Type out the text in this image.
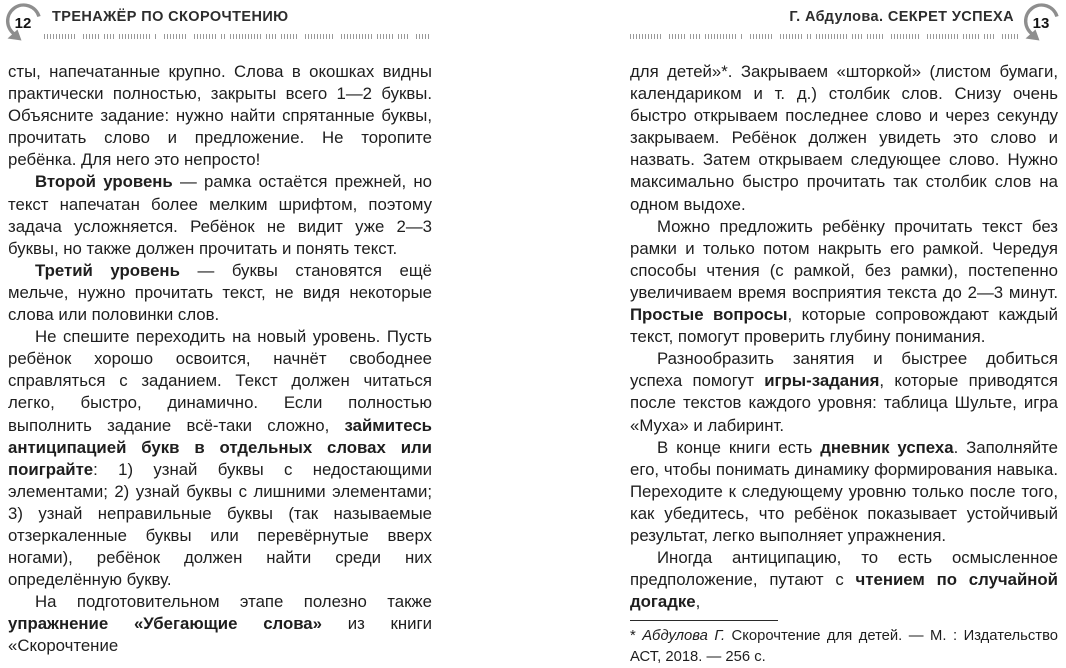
12	ТРЕНАЖЁР ПО СКОРОЧТЕНИЮ

сты, напечатанные крупно. Слова в окошках видны практически полностью, закрыты всего 1—2 буквы. Объясните задание: нужно найти спрятанные буквы, прочитать слово и предложение. Не торопите ребёнка. Для него это непросто!

Второй уровень — рамка остаётся прежней, но текст напечатан более мелким шрифтом, поэтому задача усложняется. Ребёнок не видит уже 2—3 буквы, но также должен прочитать и понять текст.

Третий уровень — буквы становятся ещё мельче, нужно прочитать текст, не видя некоторые слова или половинки слов.

Не спешите переходить на новый уровень. Пусть ребёнок хорошо освоится, начнёт свободнее справляться с заданием. Текст должен читаться легко, быстро, динамично. Если полностью выполнить задание всё-таки сложно, займитесь антиципацией букв в отдельных словах или поиграйте: 1) узнай буквы с недостающими элементами; 2) узнай буквы с лишними элементами; 3) узнай неправильные буквы (так называемые отзеркаленные буквы или перевёрнутые вверх ногами), ребёнок должен найти среди них определённую букву.

На подготовительном этапе полезно также упражнение «Убегающие слова» из книги «Скорочтение

13
Г. Абдулова. СЕКРЕТ УСПЕХА

для детей»*. Закрываем «шторкой» (листом бумаги, календариком и т. д.) столбик слов. Снизу очень быстро открываем последнее слово и через секунду закрываем. Ребёнок должен увидеть это слово и назвать. Затем открываем следующее слово. Нужно максимально быстро прочитать так столбик слов на одном выдохе.

Можно предложить ребёнку прочитать текст без рамки и только потом накрыть его рамкой. Чередуя способы чтения (с рамкой, без рамки), постепенно увеличиваем время восприятия текста до 2—3 минут. Простые вопросы, которые сопровождают каждый текст, помогут проверить глубину понимания.

Разнообразить занятия и быстрее добиться успеха помогут игры-задания, которые приводятся после текстов каждого уровня: таблица Шульте, игра «Муха» и лабиринт.

В конце книги есть дневник успеха. Заполняйте его, чтобы понимать динамику формирования навыка. Переходите к следующему уровню только после того, как убедитесь, что ребёнок показывает устойчивый результат, легко выполняет упражнения.

Иногда антиципацию, то есть осмысленное предположение, путают с чтением по случайной догадке,

* Абдулова Г. Скорочтение для детей. — М. : Издательство АСТ, 2018. — 256 с.
